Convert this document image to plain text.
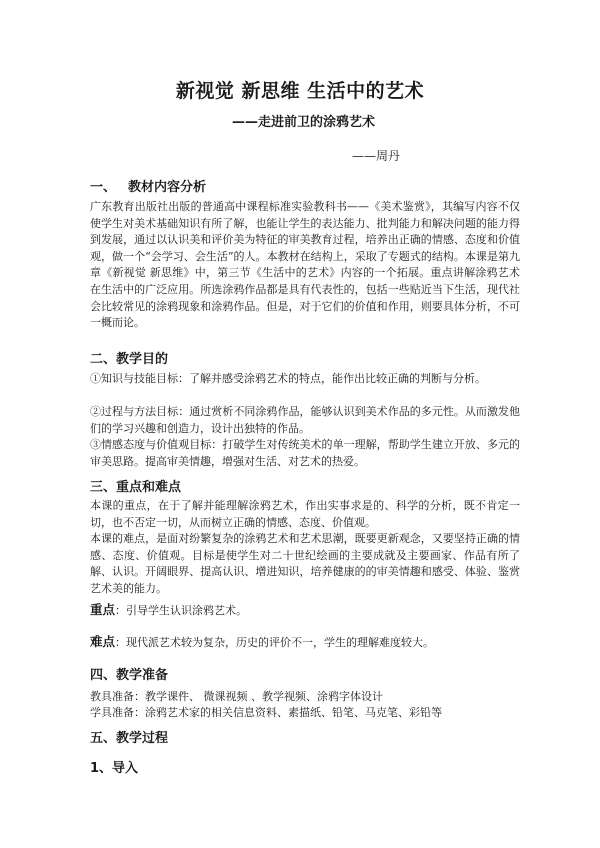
新视觉 新思维 生活中的艺术
——走进前卫的涂鸦艺术

——周丹

一、 教材内容分析

广东教育出版社出版的普通高中课程标准实验教科书——《美术鉴赏》，其编写内容不仅使学生对美术基础知识有所了解，也能让学生的表达能力、批判能力和解决问题的能力得到发展，通过以认识美和评价美为特征的审美教育过程，培养出正确的情感、态度和价值观，做一个“会学习、会生活”的人。本教材在结构上，采取了专题式的结构。本课是第九章《新视觉 新思维》中，第三节《生活中的艺术》内容的一个拓展。重点讲解涂鸦艺术在生活中的广泛应用。所选涂鸦作品都是具有代表性的，包括一些贴近当下生活，现代社会比较常见的涂鸦现象和涂鸦作品。但是，对于它们的价值和作用，则要具体分析，不可一概而论。

二、教学目的

①知识与技能目标：了解并感受涂鸦艺术的特点，能作出比较正确的判断与分析。

②过程与方法目标：通过赏析不同涂鸦作品，能够认识到美术作品的多元性。从而激发他们的学习兴趣和创造力，设计出独特的作品。

③情感态度与价值观目标：打破学生对传统美术的单一理解，帮助学生建立开放、多元的审美思路。提高审美情趣，增强对生活、对艺术的热爱。

三、重点和难点

本课的重点，在于了解并能理解涂鸦艺术，作出实事求是的、科学的分析，既不肯定一切，也不否定一切，从而树立正确的情感、态度、价值观。

本课的难点，是面对纷繁复杂的涂鸦艺术和艺术思潮，既要更新观念，又要坚持正确的情感、态度、价值观。目标是使学生对二十世纪绘画的主要成就及主要画家、作品有所了解、认识。开阔眼界、提高认识、增进知识，培养健康的的审美情趣和感受、体验、鉴赏艺术美的能力。

重点：引导学生认识涂鸦艺术。

难点：现代派艺术较为复杂，历史的评价不一，学生的理解难度较大。

四、教学准备

教具准备：教学课件、 微课视频 、教学视频、涂鸦字体设计

学具准备：涂鸦艺术家的相关信息资料、素描纸、铅笔、马克笔、彩铅等

五、教学过程
1、导入
